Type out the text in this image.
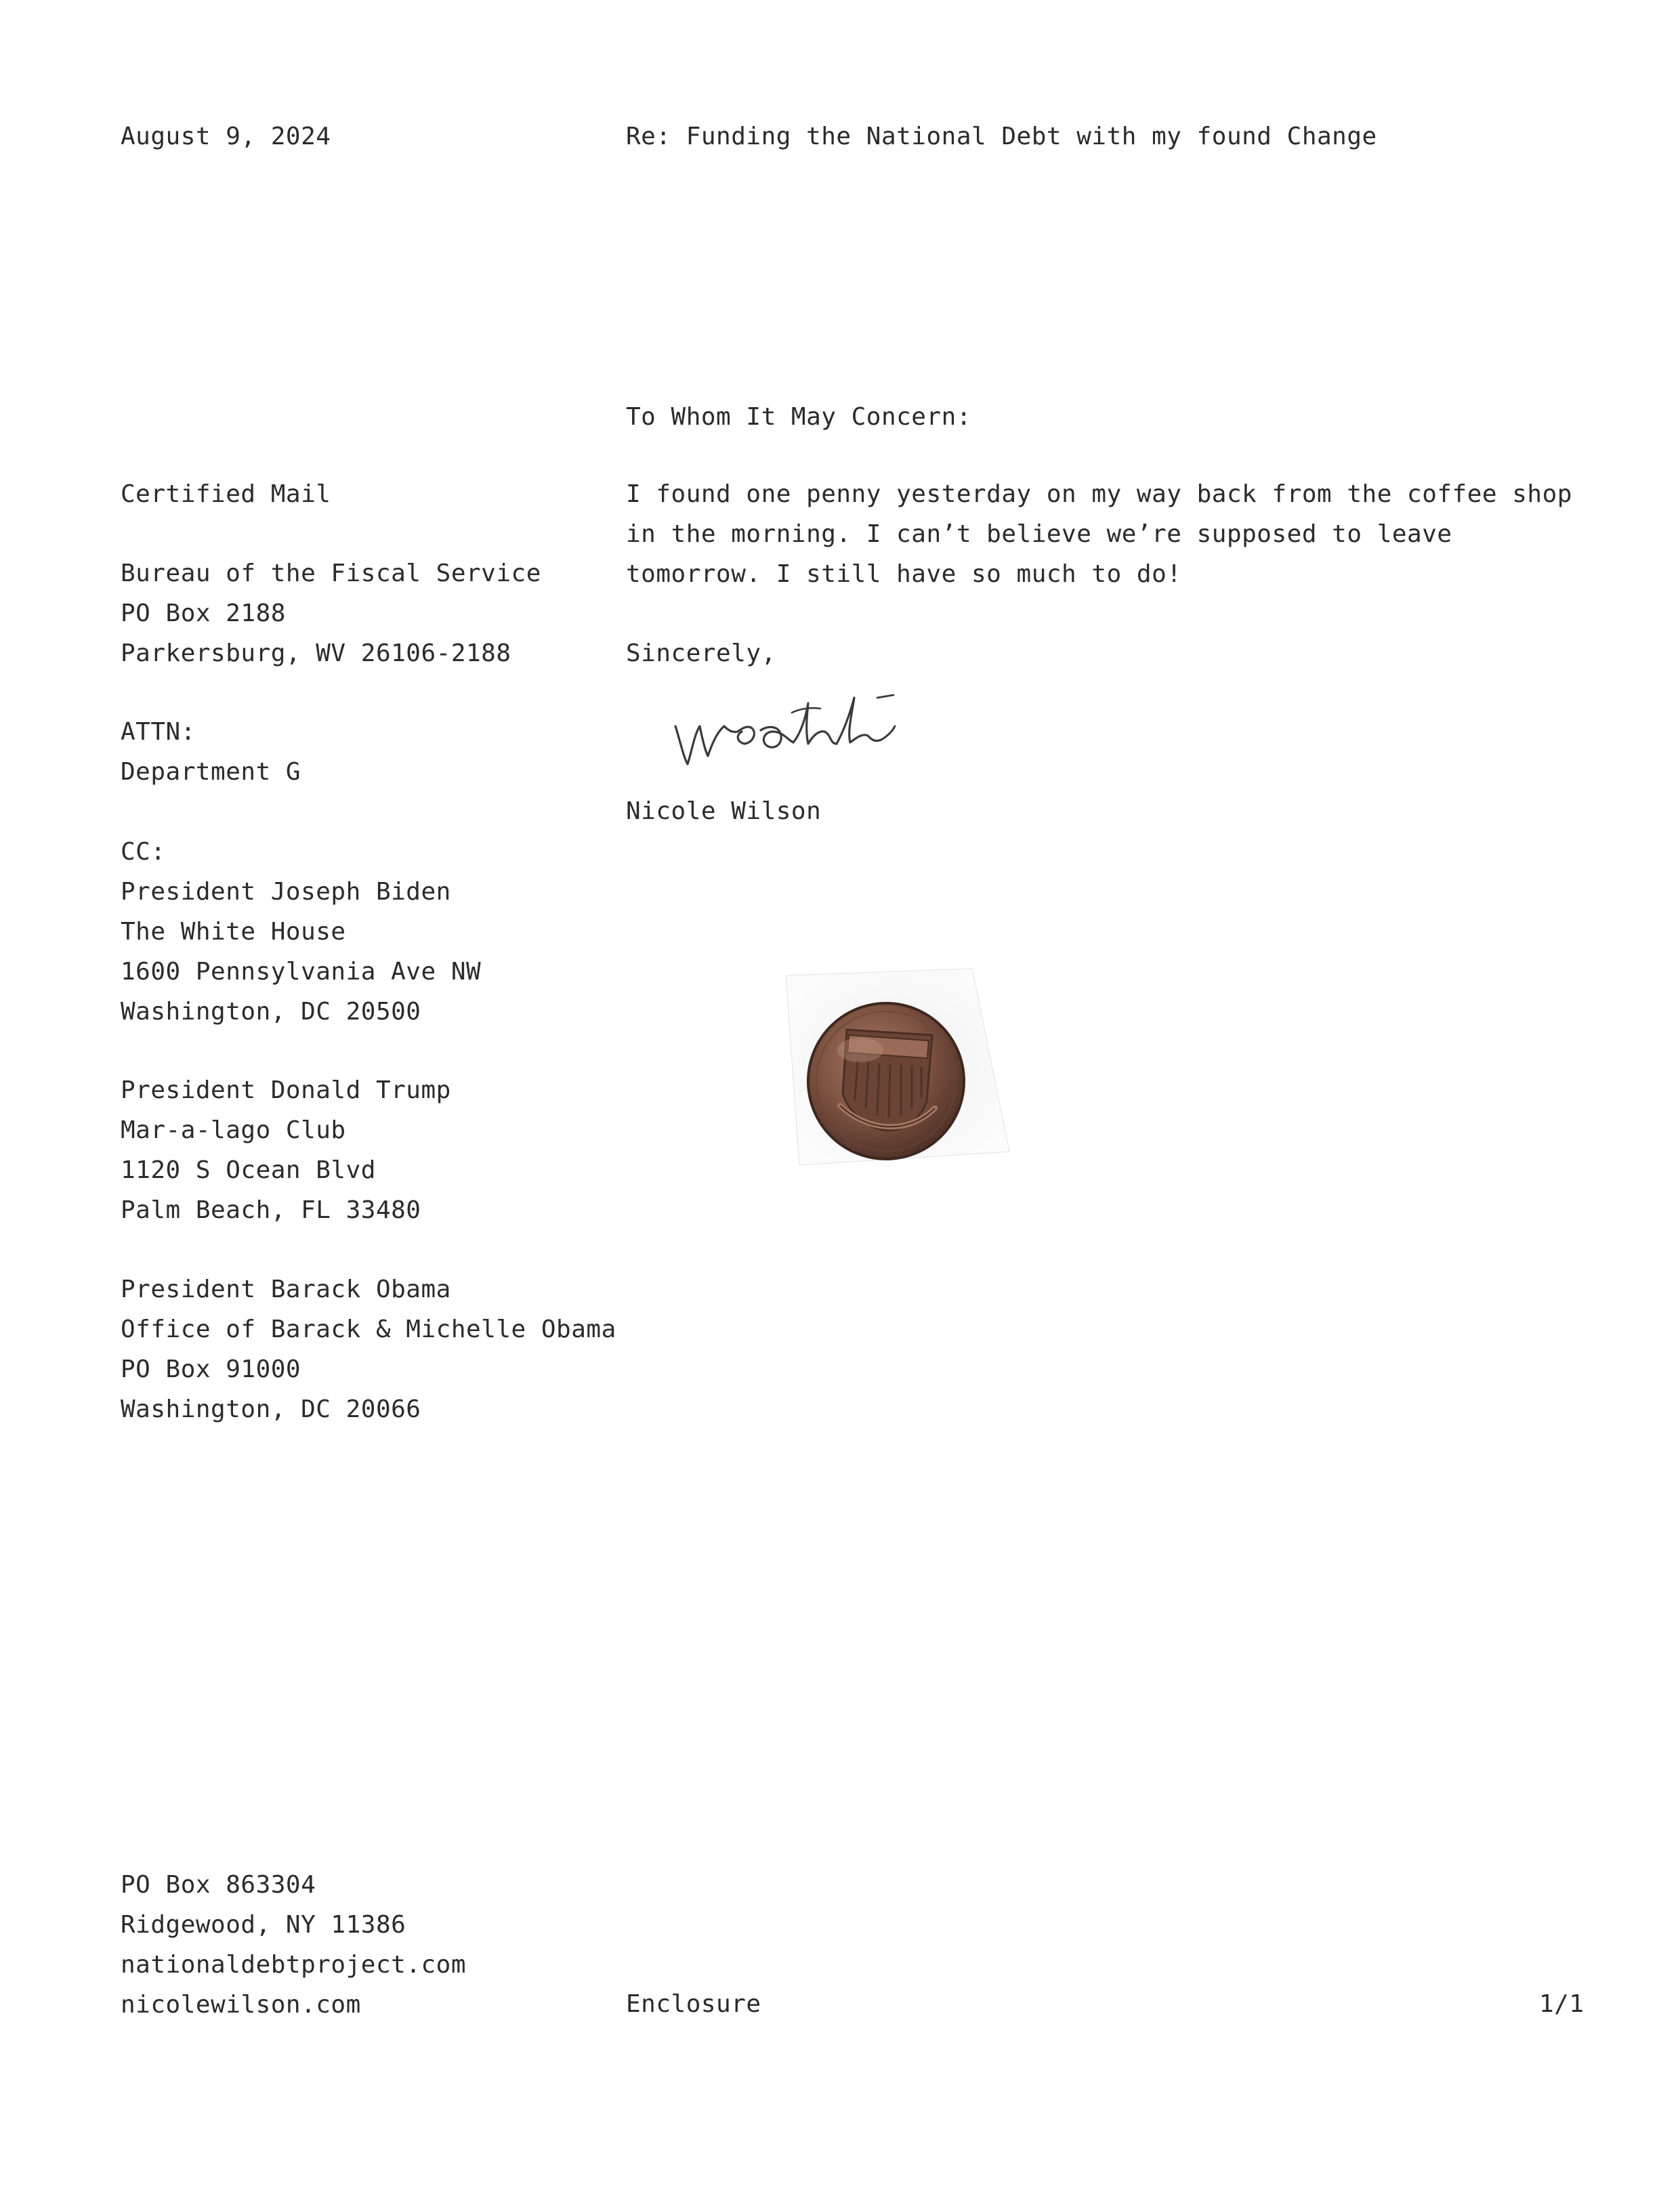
August 9, 2024	Re: Funding the National Debt with my found Change
To Whom It May Concern:
Certified Mail
Bureau of the Fiscal Service
PO Box 2188
Parkersburg, WV 26106-2188
ATTN:
Department G
CC:
President Joseph Biden
The White House
1600 Pennsylvania Ave NW
Washington, DC 20500
President Donald Trump
Mar-a-lago Club
1120 S Ocean Blvd
Palm Beach, FL 33480
President Barack Obama
Office of Barack & Michelle Obama
PO Box 91000
Washington, DC 20066
I found one penny yesterday on my way back from the coffee shop in the morning. I can’t believe we’re supposed to leave tomorrow. I still have so much to do!
Sincerely,
Nicole Wilson
PO Box 863304
Ridgewood, NY 11386
nationaldebtproject.com
nicolewilson.com	Enclosure	1/1
